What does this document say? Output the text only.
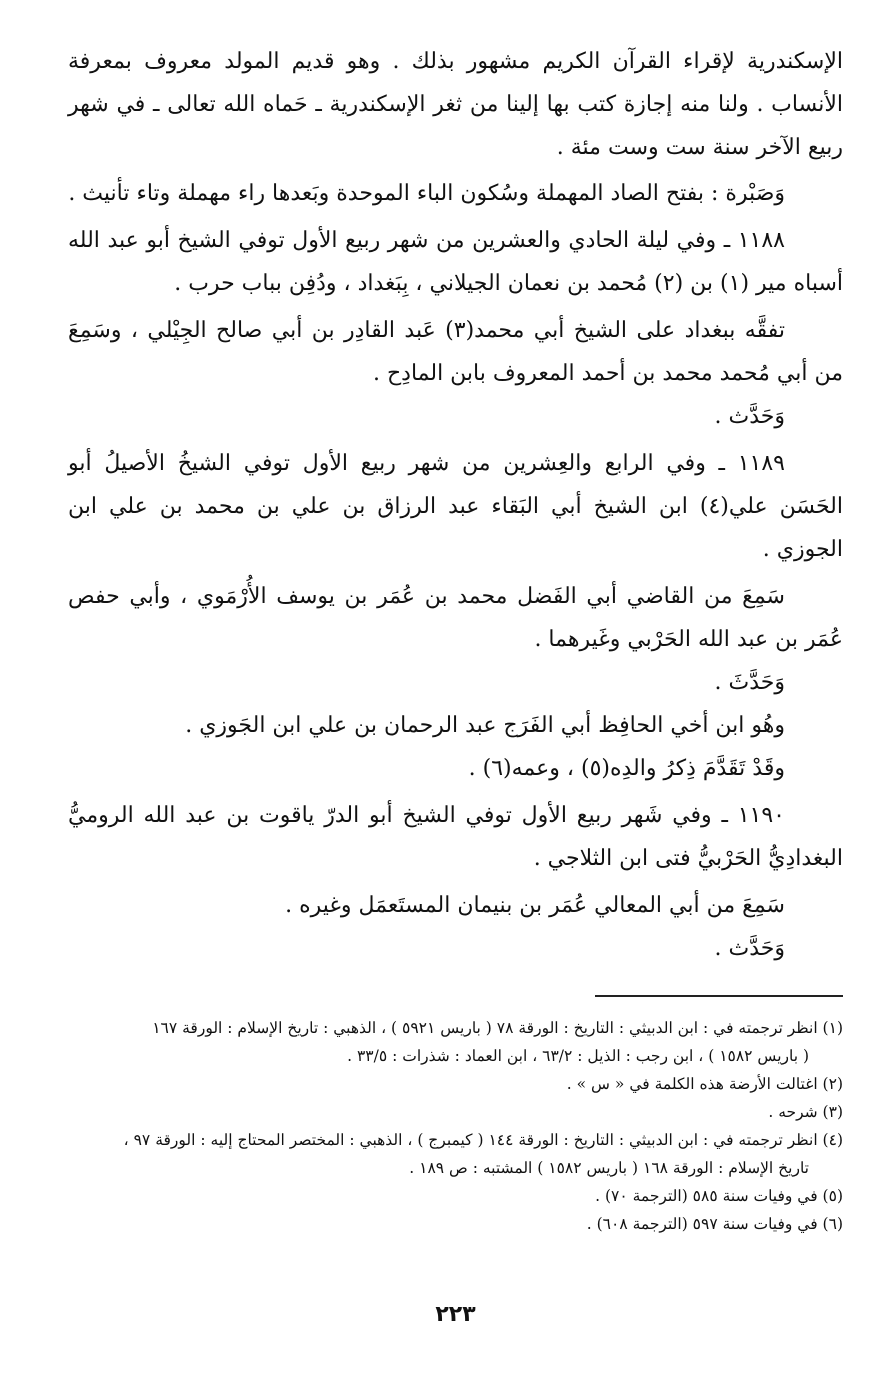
الإسكندرية لإقراء القرآن الكريم مشهور بذلك . وهو قديم المولد معروف بمعرفة الأنساب . ولنا منه إجازة كتب بها إلينا من ثغر الإسكندرية ـ حَماه الله تعالى ـ في شهر ربيع الآخر سنة ست وست مئة .

وَصَبْرة : بفتح الصاد المهملة وسُكون الباء الموحدة وبَعدها راء مهملة وتاء تأنيث .

١١٨٨ ـ وفي ليلة الحادي والعشرين من شهر ربيع الأول توفي الشيخ أبو عبد الله أسباه مير (١) بن (٢) مُحمد بن نعمان الجيلاني ، بِبَغداد ، ودُفِن بباب حرب .

تفقَّه ببغداد على الشيخ أبي محمد(٣) عَبد القادِر بن أبي صالح الجِيْلي ، وسَمِعَ من أبي مُحمد محمد بن أحمد المعروف بابن المادِح .

وَحَدَّث .

١١٨٩ ـ وفي الرابع والعِشرين من شهر ربيع الأول توفي الشيخُ الأصيلُ أبو الحَسَن علي(٤) ابن الشيخ أبي البَقاء عبد الرزاق بن علي بن محمد بن علي ابن الجوزي .

سَمِعَ من القاضي أبي الفَضل محمد بن عُمَر بن يوسف الأُرْمَوي ، وأبي حفص عُمَر بن عبد الله الحَرْبي وغَيرهما .

وَحَدَّثَ .

وهُو ابن أخي الحافِظ أبي الفَرَج عبد الرحمان بن علي ابن الجَوزي .

وقَدْ تَقَدَّمَ ذِكرُ والدِه(٥) ، وعمه(٦) .

١١٩٠ ـ وفي شَهر ربيع الأول توفي الشيخ أبو الدرّ ياقوت بن عبد الله الروميُّ البغدادِيُّ الحَرْبيُّ فتى ابن الثلاجي .

سَمِعَ من أبي المعالي عُمَر بن بنيمان المستَعمَل وغيره .

وَحَدَّث .

(١) انظر ترجمته في : ابن الدبيثي : التاريخ : الورقة ٧٨ ( باريس ٥٩٢١ ) ، الذهبي : تاريخ الإسلام : الورقة ١٦٧

( باريس ١٥٨٢ ) ، ابن رجب : الذيل : ٦٣/٢ ، ابن العماد : شذرات : ٣٣/٥ .

(٢) اغتالت الأرضة هذه الكلمة في « س » .

(٣) شرحه .

(٤) انظر ترجمته في : ابن الدبيثي : التاريخ : الورقة ١٤٤ ( كيمبرج ) ، الذهبي : المختصر المحتاج إليه : الورقة ٩٧ ،

تاريخ الإسلام : الورقة ١٦٨ ( باريس ١٥٨٢ ) المشتبه : ص ١٨٩ .

(٥) في وفيات سنة ٥٨٥ (الترجمة ٧٠) .

(٦) في وفيات سنة ٥٩٧ (الترجمة ٦٠٨) .

٢٢٣
